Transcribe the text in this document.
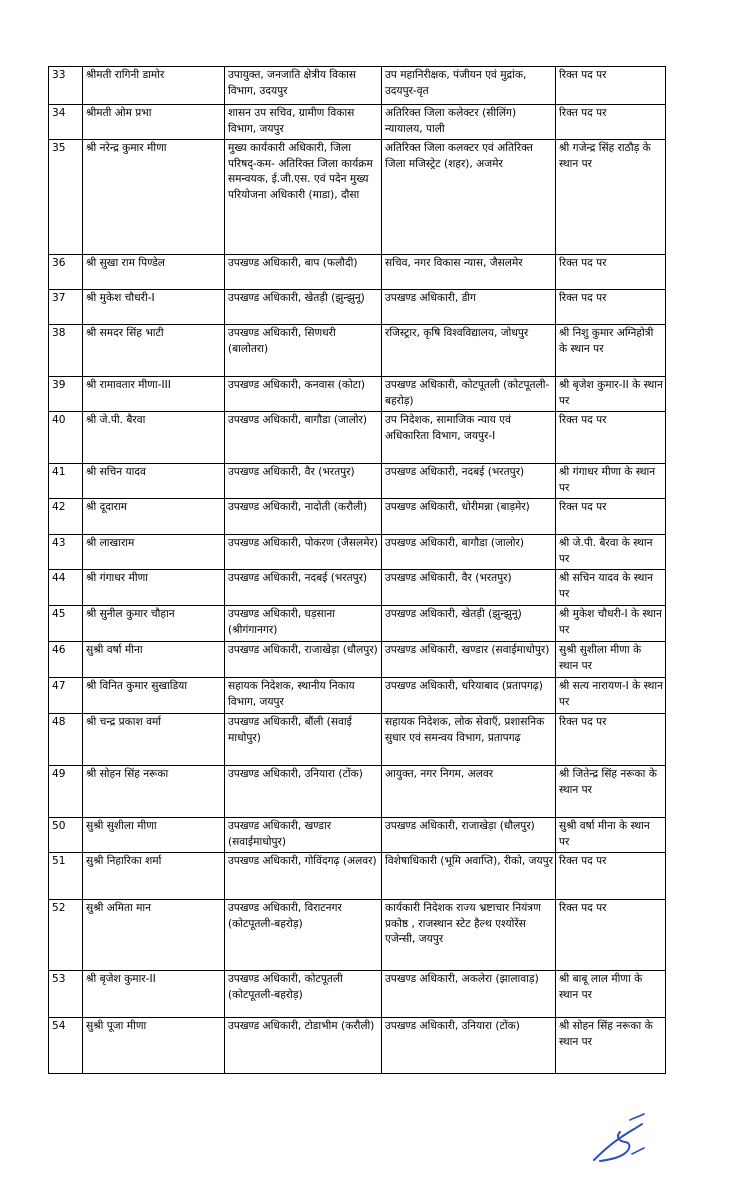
33	श्रीमती रागिनी डामोर	उपायुक्त, जनजाति क्षेत्रीय विकास विभाग, उदयपुर	उप महानिरीक्षक, पंजीयन एवं मुद्रांक, उदयपुर-वृत	रिक्त पद पर
34	श्रीमती ओम प्रभा	शासन उप सचिव, ग्रामीण विकास विभाग, जयपुर	अतिरिक्त जिला कलेक्टर (सीलिंग) न्यायालय, पाली	रिक्त पद पर
35	श्री नरेन्द्र कुमार मीणा	मुख्य कार्यकारी अधिकारी, जिला परिषद्-कम- अतिरिक्त जिला कार्यक्रम समन्वयक, ई.जी.एस. एवं पदेन मुख्य परियोजना अधिकारी (माडा), दौसा	अतिरिक्त जिला कलक्टर एवं अतिरिक्त जिला मजिस्ट्रेट (शहर), अजमेर	श्री गजेन्द्र सिंह राठौड़ के स्थान पर
36	श्री सुखा राम पिण्डेल	उपखण्ड अधिकारी, बाप (फलौदी)	सचिव, नगर विकास न्यास, जैसलमेर	रिक्त पद पर
37	श्री मुकेश चौधरी-I	उपखण्ड अधिकारी, खेतड़ी (झुन्झुनू)	उपखण्ड अधिकारी, डीग	रिक्त पद पर
38	श्री समदर सिंह भाटी	उपखण्ड अधिकारी, सिणधरी (बालोतरा)	रजिस्ट्रार, कृषि विश्वविद्यालय, जोधपुर	श्री निशु कुमार अग्निहोत्री के स्थान पर
39	श्री रामावतार मीणा-III	उपखण्ड अधिकारी, कनवास (कोटा)	उपखण्ड अधिकारी, कोटपूतली (कोटपूतली-बहरोड़)	श्री बृजेश कुमार-II के स्थान पर
40	श्री जे.पी. बैरवा	उपखण्ड अधिकारी, बागौडा (जालोर)	उप निदेशक, सामाजिक न्याय एवं अधिकारिता विभाग, जयपुर-I	रिक्त पद पर
41	श्री सचिन यादव	उपखण्ड अधिकारी, वैर (भरतपुर)	उपखण्ड अधिकारी, नदबई (भरतपुर)	श्री गंगाधर मीणा के स्थान पर
42	श्री दूदाराम	उपखण्ड अधिकारी, नादोती (करौली)	उपखण्ड अधिकारी, धोरीमन्ना (बाड़मेर)	रिक्त पद पर
43	श्री लाखाराम	उपखण्ड अधिकारी, पोकरण (जैसलमेर)	उपखण्ड अधिकारी, बागौडा (जालोर)	श्री जे.पी. बैरवा के स्थान पर
44	श्री गंगाधर मीणा	उपखण्ड अधिकारी, नदबई (भरतपुर)	उपखण्ड अधिकारी, वैर (भरतपुर)	श्री सचिन यादव के स्थान पर
45	श्री सुनील कुमार चौहान	उपखण्ड अधिकारी, घड़साना (श्रीगंगानगर)	उपखण्ड अधिकारी, खेतड़ी (झुन्झुनू)	श्री मुकेश चौधरी-I के स्थान पर
46	सुश्री वर्षा मीना	उपखण्ड अधिकारी, राजाखेड़ा (धौलपुर)	उपखण्ड अधिकारी, खण्डार (सवाईमाधोपुर)	सुश्री सुशीला मीणा के स्थान पर
47	श्री विनित कुमार सुखाडिया	सहायक निदेशक, स्थानीय निकाय विभाग, जयपुर	उपखण्ड अधिकारी, धरियाबाद (प्रतापगढ़)	श्री सत्य नारायण-I के स्थान पर
48	श्री चन्द्र प्रकाश वर्मा	उपखण्ड अधिकारी, बौंली (सवाई माधोपुर)	सहायक निदेशक, लोक सेवाएँ, प्रशासनिक सुधार एवं समन्वय विभाग, प्रतापगढ़	रिक्त पद पर
49	श्री सोहन सिंह नरूका	उपखण्ड अधिकारी, उनियारा (टोंक)	आयुक्त, नगर निगम, अलवर	श्री जितेन्द्र सिंह नरूका के स्थान पर
50	सुश्री सुशीला मीणा	उपखण्ड अधिकारी, खण्डार (सवाईमाधोपुर)	उपखण्ड अधिकारी, राजाखेड़ा (धौलपुर)	सुश्री वर्षा मीना के स्थान पर
51	सुश्री निहारिका शर्मा	उपखण्ड अधिकारी, गोविंदगढ़ (अलवर)	विशेषाधिकारी (भूमि अवाप्ति), रीको, जयपुर	रिक्त पद पर
52	सुश्री अमिता मान	उपखण्ड अधिकारी, विराटनगर (कोटपूतली-बहरोड़)	कार्यकारी निदेशक राज्य भ्रष्टाचार नियंत्रण प्रकोष्ठ , राजस्थान स्टेट हैल्थ एश्योरेंस एजेन्सी, जयपुर	रिक्त पद पर
53	श्री बृजेश कुमार-II	उपखण्ड अधिकारी, कोटपूतली (कोटपूतली-बहरोड़)	उपखण्ड अधिकारी, अकलेरा (झालावाड़)	श्री बाबू लाल मीणा के स्थान पर
54	सुश्री पूजा मीणा	उपखण्ड अधिकारी, टोडाभीम (करौली)	उपखण्ड अधिकारी, उनियारा (टोंक)	श्री सोहन सिंह नरूका के स्थान पर
